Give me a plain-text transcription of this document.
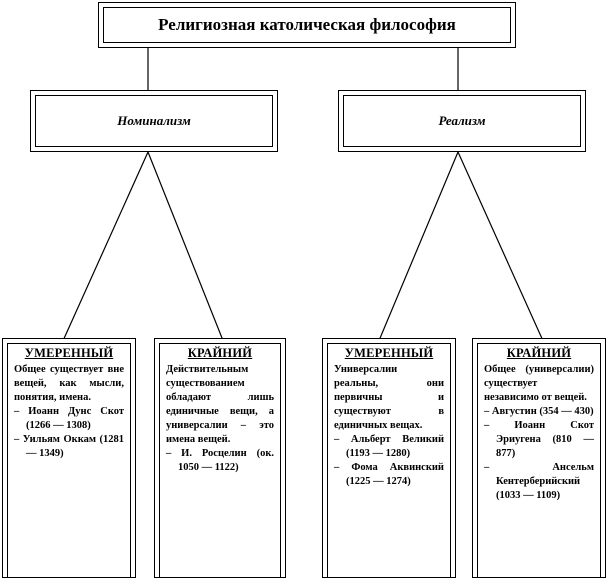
Религиозная католическая философия
Номинализм	Реализм
УМЕРЕННЫЙ

Общее существует вне вещей, как мысли, понятия, имена.

– Иоанн Дунс Скот (1266 — 1308)
– Уильям Оккам (1281 — 1349)
КРАЙНИЙ

Действительным существованием обладают лишь единичные вещи, а универсалии – это имена вещей.

– И. Росцелин (ок. 1050 — 1122)
УМЕРЕННЫЙ

Универсалии реальны, они первичны и существуют в единичных вещах.

– Альберт Великий (1193 — 1280)
– Фома Аквинский (1225 — 1274)
КРАЙНИЙ

Общее (универсалии) существует независимо от вещей.

– Августин (354 — 430)
– Иоанн Скот Эриугена (810 — 877)
– Ансельм Кентерберийский (1033 — 1109)
